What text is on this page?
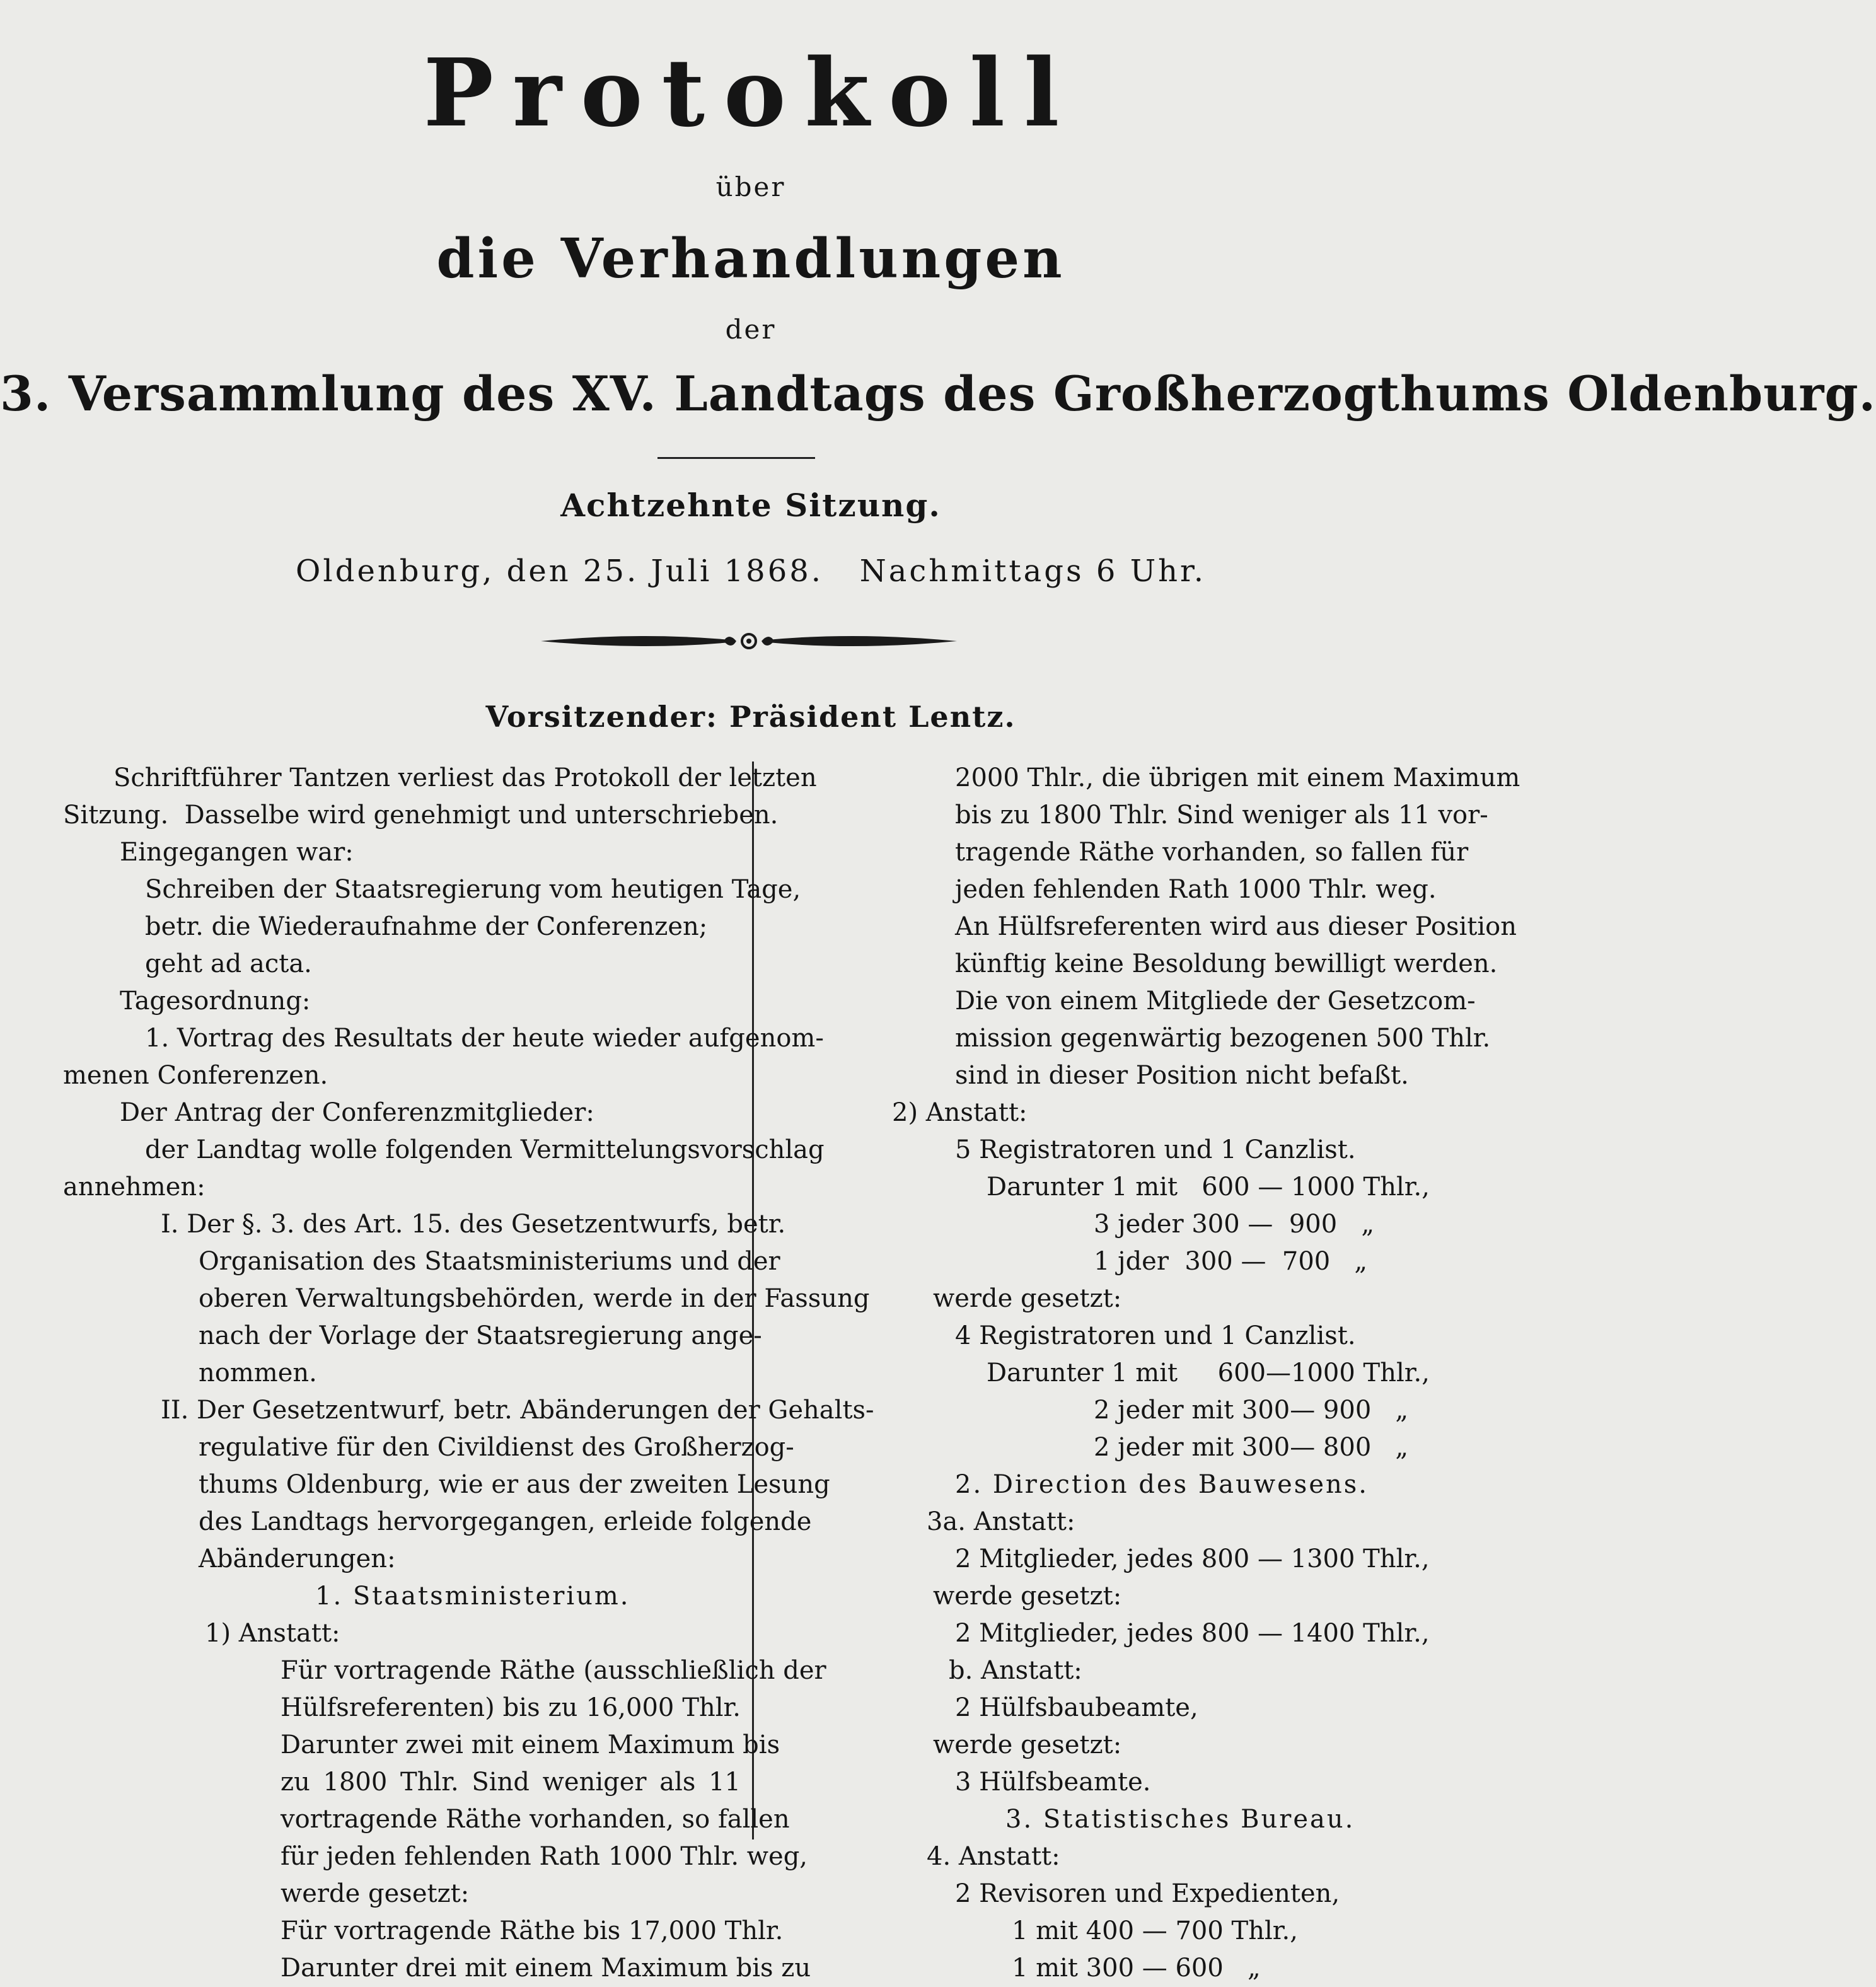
Protokoll
über
die Verhandlungen
der
3. Versammlung des XV. Landtags des Großherzogthums Oldenburg.
Achtzehnte Sitzung.
Oldenburg, den 25. Juli 1868.   Nachmittags 6 Uhr.
Vorsitzender: Präsident Lentz.
Schriftführer Tantzen verliest das Protokoll der letzten
Sitzung.  Dasselbe wird genehmigt und unterschrieben.
Eingegangen war:
Schreiben der Staatsregierung vom heutigen Tage,
betr. die Wiederaufnahme der Conferenzen;
geht ad acta.
Tagesordnung:
1. Vortrag des Resultats der heute wieder aufgenom-
menen Conferenzen.
Der Antrag der Conferenzmitglieder:
der Landtag wolle folgenden Vermittelungsvorschlag
annehmen:
I. Der §. 3. des Art. 15. des Gesetzentwurfs, betr.
Organisation des Staatsministeriums und der
oberen Verwaltungsbehörden, werde in der Fassung
nach der Vorlage der Staatsregierung ange-
nommen.
II. Der Gesetzentwurf, betr. Abänderungen der Gehalts-
regulative für den Civildienst des Großherzog-
thums Oldenburg, wie er aus der zweiten Lesung
des Landtags hervorgegangen, erleide folgende
Abänderungen:
1. Staatsministerium.
1) Anstatt:
Für vortragende Räthe (ausschließlich der
Hülfsreferenten) bis zu 16,000 Thlr.
Darunter zwei mit einem Maximum bis
zu 1800 Thlr. Sind weniger als 11
vortragende Räthe vorhanden, so fallen
für jeden fehlenden Rath 1000 Thlr. weg,
werde gesetzt:
Für vortragende Räthe bis 17,000 Thlr.
Darunter drei mit einem Maximum bis zu
2000 Thlr., die übrigen mit einem Maximum
bis zu 1800 Thlr. Sind weniger als 11 vor-
tragende Räthe vorhanden, so fallen für
jeden fehlenden Rath 1000 Thlr. weg.
An Hülfsreferenten wird aus dieser Position
künftig keine Besoldung bewilligt werden.
Die von einem Mitgliede der Gesetzcom-
mission gegenwärtig bezogenen 500 Thlr.
sind in dieser Position nicht befaßt.
2) Anstatt:
5 Registratoren und 1 Canzlist.
Darunter 1 mit   600 — 1000 Thlr.,
3 jeder 300 —  900   „
1 jder  300 —  700   „
werde gesetzt:
4 Registratoren und 1 Canzlist.
Darunter 1 mit     600—1000 Thlr.,
2 jeder mit 300— 900   „
2 jeder mit 300— 800   „
2. Direction des Bauwesens.
3a. Anstatt:
2 Mitglieder, jedes 800 — 1300 Thlr.,
werde gesetzt:
2 Mitglieder, jedes 800 — 1400 Thlr.,
b. Anstatt:
2 Hülfsbaubeamte,
werde gesetzt:
3 Hülfsbeamte.
3. Statistisches Bureau.
4. Anstatt:
2 Revisoren und Expedienten,
1 mit 400 — 700 Thlr.,
1 mit 300 — 600   „
